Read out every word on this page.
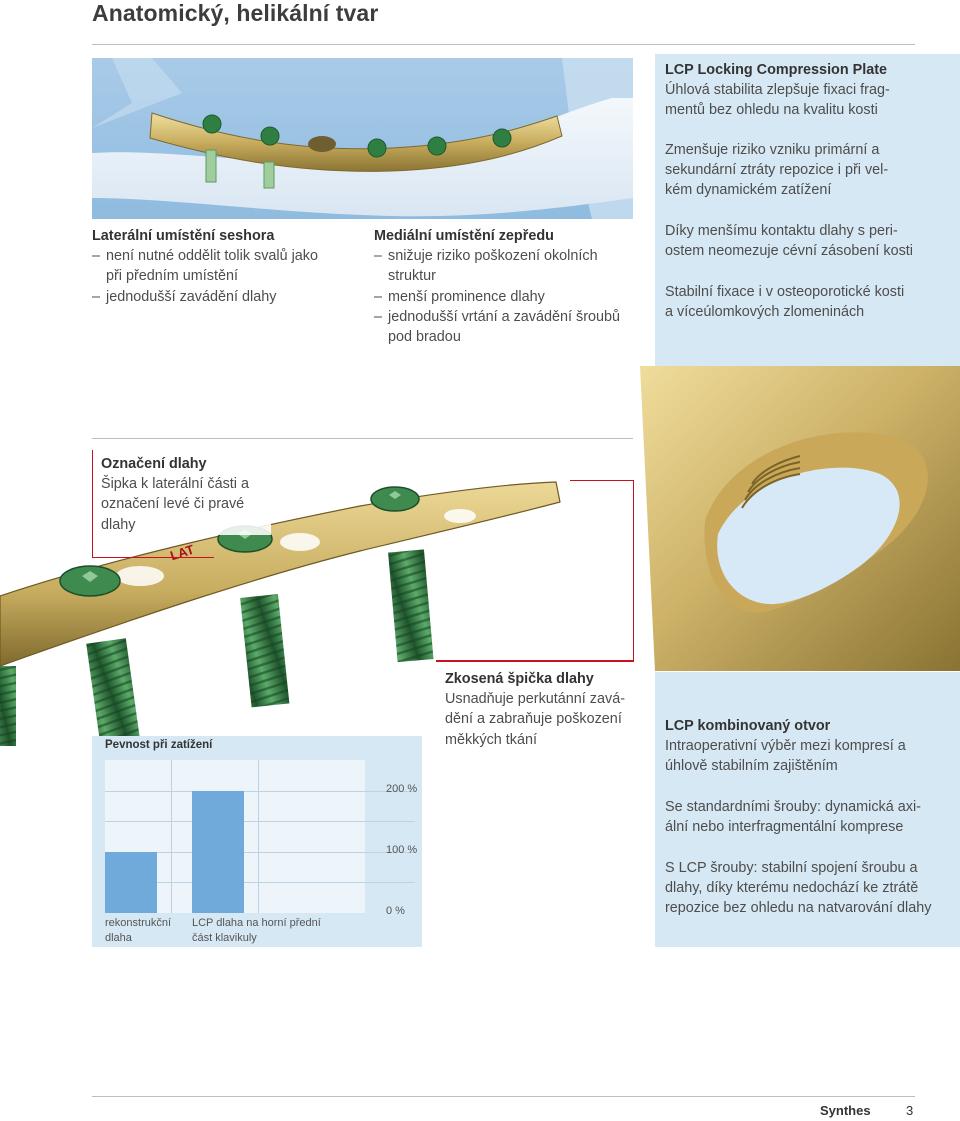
Anatomický, helikální tvar
LCP Locking Compression Plate
Úhlová stabilita zlepšuje fixaci fragmentů bez ohledu na kvalitu kosti
Zmenšuje riziko vzniku primární a sekundární ztráty repozice i při velkém dynamickém zatížení
Díky menšímu kontaktu dlahy s periostem neomezuje cévní zásobení kosti
Stabilní fixace i v osteoporotické kosti a víceúlomkových zlomeninách
Laterální umístění seshora
– není nutné oddělit tolik svalů jako při předním umístění
– jednodušší zavádění dlahy
Mediální umístění zepředu
– snižuje riziko poškození okolních struktur
– menší prominence dlahy
– jednodušší vrtání a zavádění šroubů pod bradou
LAT
Označení dlahy
Šipka k laterální části a označení levé či pravé dlahy
Zkosená špička dlahy
Usnadňuje perkutánní zavádění a zabraňuje poškození měkkých tkání
LCP kombinovaný otvor
Intraoperativní výběr mezi kompresí a úhlově stabilním zajištěním
Se standardními šrouby: dynamická axiální nebo interfragmentální komprese
S LCP šrouby: stabilní spojení šroubu a dlahy, díky kterému nedochází ke ztrátě repozice bez ohledu na natvarování dlahy
Pevnost při zatížení
rekonstrukční dlaha
LCP dlaha na horní přední část klavikuly
0 %
100 %
200 %
Synthes	3
